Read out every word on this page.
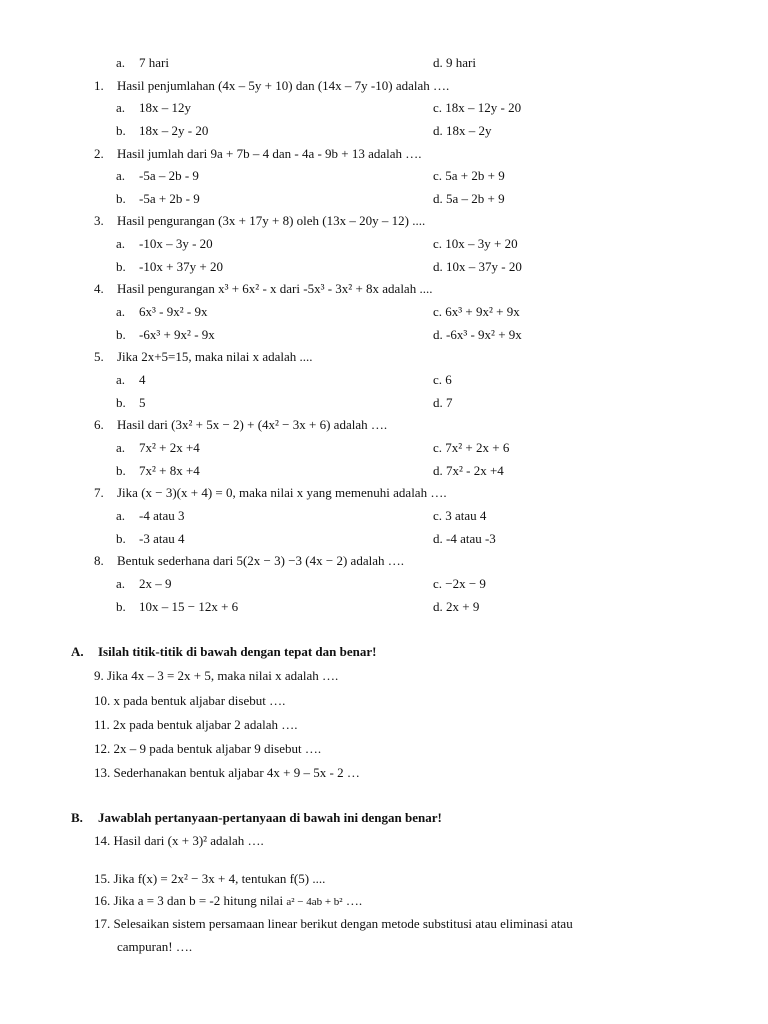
a. 7 hari	d. 9 hari
1. Hasil penjumlahan (4x – 5y + 10) dan (14x – 7y -10) adalah ….
a. 18x – 12y	c. 18x – 12y - 20
b. 18x – 2y - 20	d. 18x – 2y
2. Hasil jumlah dari 9a + 7b – 4 dan - 4a - 9b + 13 adalah ….
a. -5a – 2b - 9	c. 5a + 2b + 9
b. -5a + 2b - 9	d. 5a – 2b + 9
3. Hasil pengurangan (3x + 17y + 8) oleh (13x – 20y – 12) ....
a. -10x – 3y - 20	c. 10x – 3y + 20
b. -10x + 37y + 20	d. 10x – 37y - 20
4. Hasil pengurangan x³ + 6x² - x dari -5x³ - 3x² + 8x adalah ....
a. 6x³ - 9x² - 9x	c. 6x³ + 9x² + 9x
b. -6x³ + 9x² - 9x	d. -6x³ - 9x² + 9x
5. Jika 2x+5=15, maka nilai x adalah ....
a. 4	c. 6
b. 5	d. 7
6. Hasil dari (3x² + 5x − 2) + (4x² − 3x + 6) adalah ….
a. 7x² + 2x +4	c. 7x² + 2x + 6
b. 7x² + 8x +4	d. 7x² - 2x +4
7. Jika (x − 3)(x + 4) = 0, maka nilai x yang memenuhi adalah ….
a. -4 atau 3	c. 3 atau 4
b. -3 atau 4	d. -4 atau -3
8. Bentuk sederhana dari 5(2x − 3) −3 (4x − 2) adalah ….
a. 2x – 9	c. −2x − 9
b. 10x – 15 − 12x + 6	d. 2x + 9
A. Isilah titik-titik di bawah dengan tepat dan benar!
9. Jika 4x – 3 = 2x + 5, maka nilai x adalah ….
10. x pada bentuk aljabar disebut ….
11. 2x pada bentuk aljabar 2 adalah ….
12. 2x – 9 pada bentuk aljabar 9 disebut ….
13. Sederhanakan bentuk aljabar 4x + 9 – 5x - 2 …
B. Jawablah pertanyaan-pertanyaan di bawah ini dengan benar!
14. Hasil dari (x + 3)² adalah ….
15. Jika f(x) = 2x² − 3x + 4, tentukan f(5) ....
16. Jika a = 3 dan b = -2 hitung nilai a² − 4ab + b² ….
17. Selesaikan sistem persamaan linear berikut dengan metode substitusi atau eliminasi atau
campuran! ….
